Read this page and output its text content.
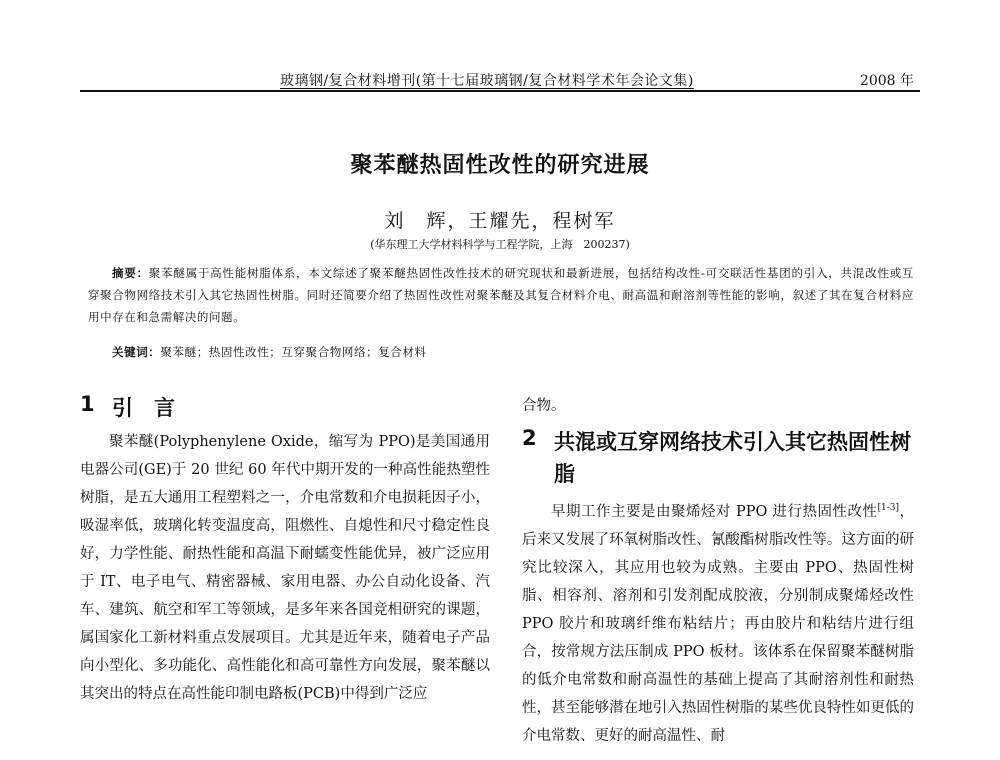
玻璃钢/复合材料增刊(第十七届玻璃钢/复合材料学术年会论文集)	2008 年
聚苯醚热固性改性的研究进展
刘　辉，王耀先，程树军
(华东理工大学材料科学与工程学院，上海　200237)
摘要：聚苯醚属于高性能树脂体系，本文综述了聚苯醚热固性改性技术的研究现状和最新进展，包括结构改性-可交联活性基团的引入，共混改性或互穿聚合物网络技术引入其它热固性树脂。同时还简要介绍了热固性改性对聚苯醚及其复合材料介电、耐高温和耐溶剂等性能的影响，叙述了其在复合材料应用中存在和急需解决的问题。
关键词：聚苯醚；热固性改性；互穿聚合物网络；复合材料
1 引　言

聚苯醚(Polyphenylene Oxide，缩写为 PPO)是美国通用电器公司(GE)于 20 世纪 60 年代中期开发的一种高性能热塑性树脂，是五大通用工程塑料之一，介电常数和介电损耗因子小，吸湿率低，玻璃化转变温度高，阻燃性、自熄性和尺寸稳定性良好，力学性能、耐热性能和高温下耐蠕变性能优异，被广泛应用于 IT、电子电气、精密器械、家用电器、办公自动化设备、汽车、建筑、航空和军工等领域，是多年来各国竞相研究的课题，属国家化工新材料重点发展项目。尤其是近年来，随着电子产品向小型化、多功能化、高性能化和高可靠性方向发展，聚苯醚以其突出的特点在高性能印制电路板(PCB)中得到广泛应

合物。

2 共混或互穿网络技术引入其它热固性树脂

早期工作主要是由聚烯烃对 PPO 进行热固性改性[1-3]，后来又发展了环氧树脂改性、氰酸酯树脂改性等。这方面的研究比较深入，其应用也较为成熟。主要由 PPO、热固性树脂、相容剂、溶剂和引发剂配成胶液，分别制成聚烯烃改性 PPO 胶片和玻璃纤维布粘结片；再由胶片和粘结片进行组合，按常规方法压制成 PPO 板材。该体系在保留聚苯醚树脂的低介电常数和耐高温性的基础上提高了其耐溶剂性和耐热性，甚至能够潜在地引入热固性树脂的某些优良特性如更低的介电常数、更好的耐高温性、耐
